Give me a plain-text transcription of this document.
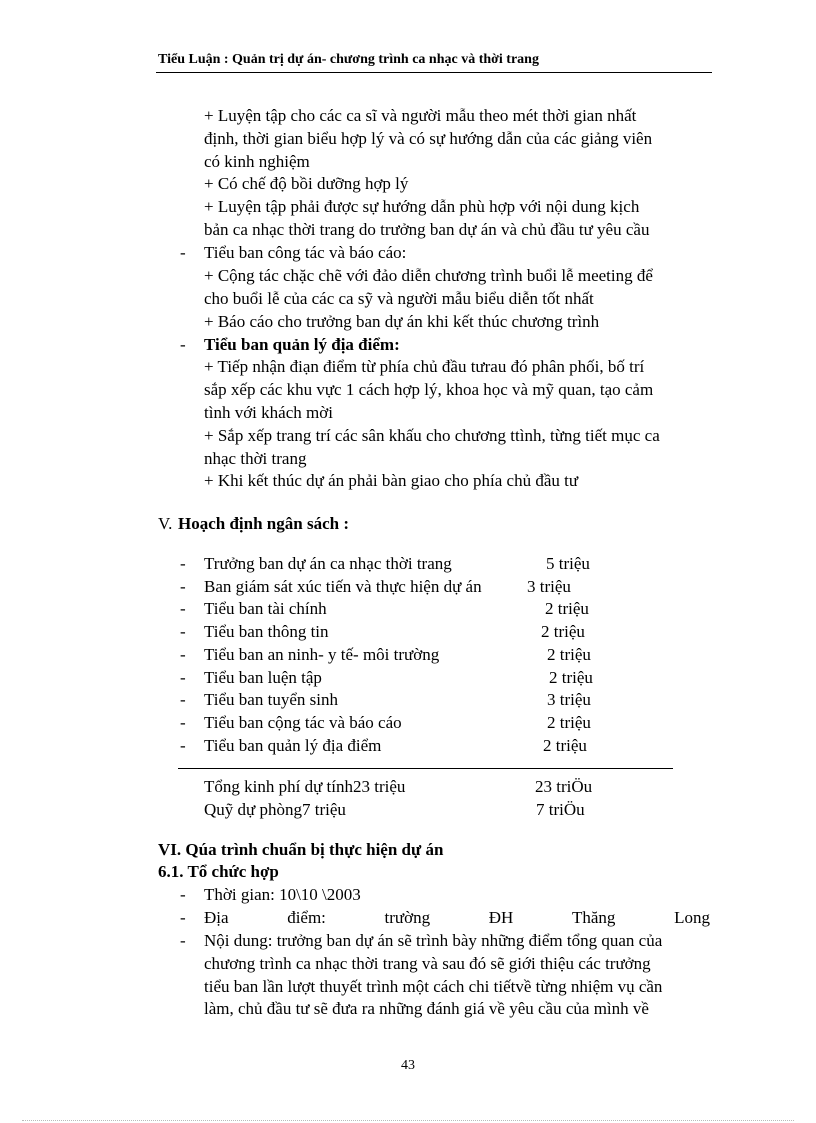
Tiểu Luận : Quản trị dự án- chương trình ca nhạc và thời trang
+ Luyện tập cho các ca sĩ và người mẫu theo mét thời gian nhất
định, thời gian biểu hợp lý và có sự hướng dẫn của các giảng viên
có kinh nghiệm
+ Có chế độ bồi dưỡng hợp lý
+ Luyện tập phải được sự hướng dẫn phù hợp với nội dung kịch
bản ca nhạc thời trang do trưởng ban dự án và chủ đầu tư yêu cầu
- Tiểu ban công tác và báo cáo:
+ Cộng tác chặc chẽ với đảo diễn chương trình buổi lễ meeting để
cho buổi lễ của các ca sỹ và người mẫu biểu diễn tốt nhất
+ Báo cáo cho trưởng ban dự án khi kết thúc chương trình
- Tiểu ban quản lý địa điểm:
+ Tiếp nhận điạn điểm từ phía chủ đầu tưrau đó phân phối, bố trí
sắp xếp các khu vực 1 cách hợp lý, khoa học và mỹ quan, tạo cảm
tình với khách mời
+ Sắp xếp trang trí các sân khấu cho chương ttình, từng tiết mục ca
nhạc thời trang
+ Khi kết thúc dự án phải bàn giao cho phía chủ đầu tư
V. Hoạch định ngân sách :
- Trưởng ban dự án ca nhạc thời trang	5 triệu
- Ban giám sát xúc tiến và thực hiện dự án	3 triệu
- Tiểu ban tài chính	2 triệu
- Tiểu ban thông tin	2 triệu
- Tiểu ban an ninh- y tế- môi trường	2 triệu
- Tiểu ban luện tập	2 triệu
- Tiểu ban tuyển sinh	3 triệu
- Tiểu ban cộng tác và báo cáo	2 triệu
- Tiểu ban quản lý địa điểm	2 triệu
Tổng kinh phí dự tính23 triệu	23 triÖu
Quỹ dự phòng7 triệu	7 triÖu
VI. Qúa trình chuẩn bị thực hiện dự án
6.1. Tổ chức hợp
- Thời gian: 10\10 \2003
- Địa	điểm:	trường	ĐH	Thăng	Long
- Nội dung: trưởng ban dự án sẽ trình bày những điểm tổng quan của
chương trình ca nhạc thời trang và sau đó sẽ giới thiệu các trưởng
tiểu ban lần lượt thuyết trình một cách chi tiếtvề từng nhiệm vụ cần
làm, chủ đầu tư sẽ đưa ra những đánh giá về yêu cầu của mình về
43
